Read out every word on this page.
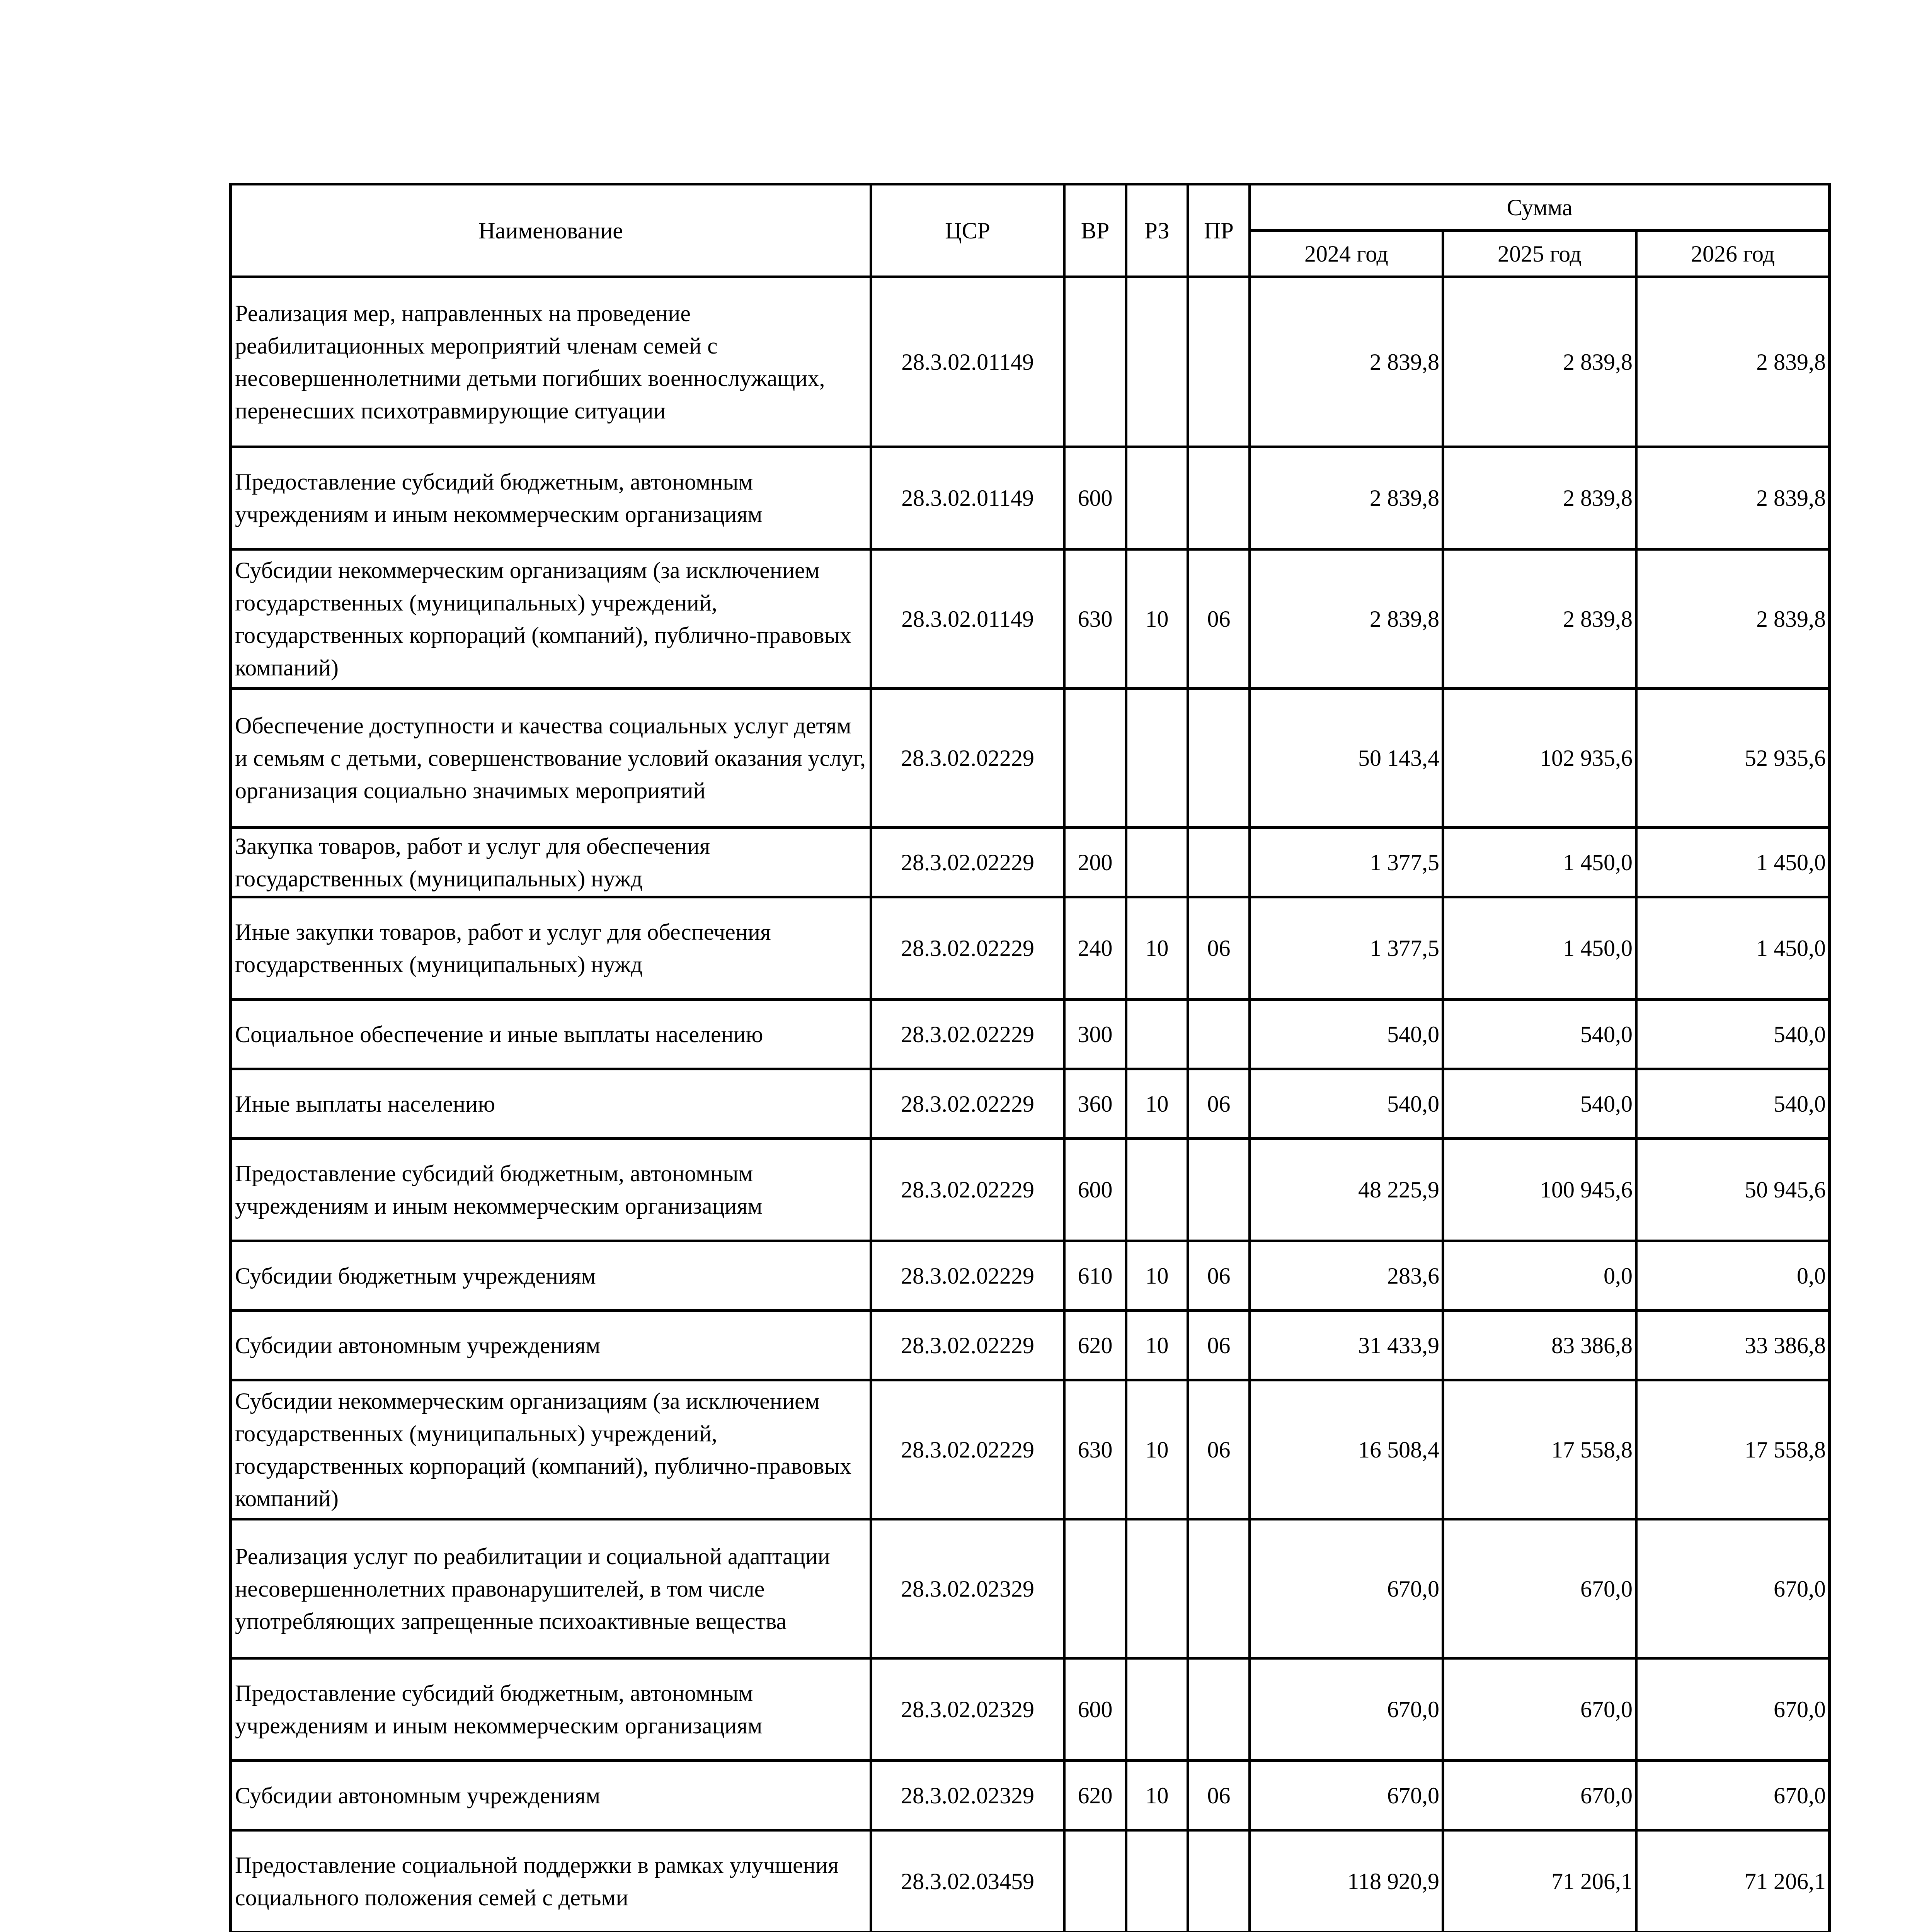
Наименование	ЦСР	ВР	РЗ	ПР	Сумма		
					2024 год	2025 год	2026 год
Реализация мер, направленных на проведение реабилитационных мероприятий членам семей с несовершеннолетними детьми погибших военнослужащих, перенесших психотравмирующие ситуации	28.3.02.01149				2 839,8	2 839,8	2 839,8
Предоставление субсидий бюджетным, автономным учреждениям и иным некоммерческим организациям	28.3.02.01149	600			2 839,8	2 839,8	2 839,8
Субсидии некоммерческим организациям (за исключением государственных (муниципальных) учреждений, государственных корпораций (компаний), публично-правовых компаний)	28.3.02.01149	630	10	06	2 839,8	2 839,8	2 839,8
Обеспечение доступности и качества социальных услуг детям и семьям с детьми, совершенствование условий оказания услуг, организация социально значимых мероприятий	28.3.02.02229				50 143,4	102 935,6	52 935,6
Закупка товаров, работ и услуг для обеспечения государственных (муниципальных) нужд	28.3.02.02229	200			1 377,5	1 450,0	1 450,0
Иные закупки товаров, работ и услуг для обеспечения государственных (муниципальных) нужд	28.3.02.02229	240	10	06	1 377,5	1 450,0	1 450,0
Социальное обеспечение и иные выплаты населению	28.3.02.02229	300			540,0	540,0	540,0
Иные выплаты населению	28.3.02.02229	360	10	06	540,0	540,0	540,0
Предоставление субсидий бюджетным, автономным учреждениям и иным некоммерческим организациям	28.3.02.02229	600			48 225,9	100 945,6	50 945,6
Субсидии бюджетным учреждениям	28.3.02.02229	610	10	06	283,6	0,0	0,0
Субсидии автономным учреждениям	28.3.02.02229	620	10	06	31 433,9	83 386,8	33 386,8
Субсидии некоммерческим организациям (за исключением государственных (муниципальных) учреждений, государственных корпораций (компаний), публично-правовых компаний)	28.3.02.02229	630	10	06	16 508,4	17 558,8	17 558,8
Реализация услуг по реабилитации и социальной адаптации несовершеннолетних правонарушителей, в том числе употребляющих запрещенные психоактивные вещества	28.3.02.02329				670,0	670,0	670,0
Предоставление субсидий бюджетным, автономным учреждениям и иным некоммерческим организациям	28.3.02.02329	600			670,0	670,0	670,0
Субсидии автономным учреждениям	28.3.02.02329	620	10	06	670,0	670,0	670,0
Предоставление социальной поддержки в рамках улучшения социального положения семей с детьми	28.3.02.03459				118 920,9	71 206,1	71 206,1
